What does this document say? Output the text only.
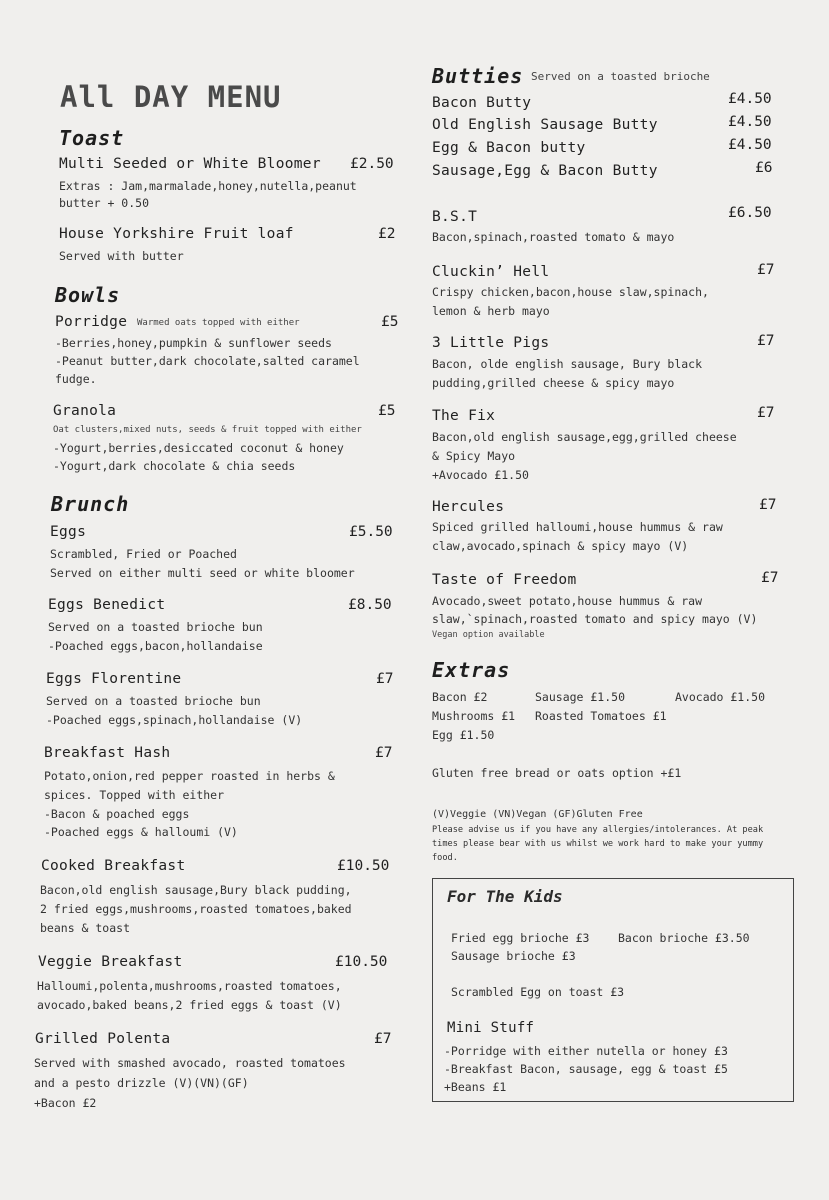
All DAY MENU
Toast
Multi Seeded or White Bloomer £2.50
Extras : Jam,marmalade,honey,nutella,peanut
butter + 0.50
House Yorkshire Fruit loaf	£2
Served with butter
Bowls
Porridge Warmed oats topped with either	£5
-Berries,honey,pumpkin & sunflower seeds
-Peanut butter,dark chocolate,salted caramel
fudge.
Granola	£5
Oat clusters,mixed nuts, seeds & fruit topped with either
-Yogurt,berries,desiccated coconut & honey
-Yogurt,dark chocolate & chia seeds
Brunch
Eggs	£5.50
Scrambled, Fried or Poached
Served on either multi seed or white bloomer
Eggs Benedict	£8.50
Served on a toasted brioche bun
-Poached eggs,bacon,hollandaise
Eggs Florentine	£7
Served on a toasted brioche bun
-Poached eggs,spinach,hollandaise (V)
Breakfast Hash	£7
Potato,onion,red pepper roasted in herbs &
spices. Topped with either
-Bacon & poached eggs
-Poached eggs & halloumi (V)
Cooked Breakfast	£10.50
Bacon,old english sausage,Bury black pudding,
2 fried eggs,mushrooms,roasted tomatoes,baked
beans & toast
Veggie Breakfast	£10.50
Halloumi,polenta,mushrooms,roasted tomatoes,
avocado,baked beans,2 fried eggs & toast (V)
Grilled Polenta	£7
Served with smashed avocado, roasted tomatoes
and a pesto drizzle (V)(VN)(GF)
+Bacon £2
Butties Served on a toasted brioche
Bacon Butty	£4.50
Old English Sausage Butty	£4.50
Egg & Bacon butty	£4.50
Sausage,Egg & Bacon Butty	£6
B.S.T	£6.50
Bacon,spinach,roasted tomato & mayo
Cluckin’ Hell	£7
Crispy chicken,bacon,house slaw,spinach,
lemon & herb mayo
3 Little Pigs	£7
Bacon, olde english sausage, Bury black
pudding,grilled cheese & spicy mayo
The Fix	£7
Bacon,old english sausage,egg,grilled cheese
& Spicy Mayo
+Avocado £1.50
Hercules	£7
Spiced grilled halloumi,house hummus & raw
claw,avocado,spinach & spicy mayo (V)
Taste of Freedom	£7
Avocado,sweet potato,house hummus & raw
slaw,`spinach,roasted tomato and spicy mayo (V)
Vegan option available
Extras
Bacon £2	Sausage £1.50	Avocado £1.50
Mushrooms £1 Roasted Tomatoes £1
Egg £1.50
Gluten free bread or oats option +£1
(V)Veggie (VN)Vegan (GF)Gluten Free
Please advise us if you have any allergies/intolerances. At peak
times please bear with us whilst we work hard to make your yummy
food.
For The Kids
Fried egg brioche £3 Bacon brioche £3.50
Sausage brioche £3
Scrambled Egg on toast £3
Mini Stuff
-Porridge with either nutella or honey £3
-Breakfast Bacon, sausage, egg & toast £5
+Beans £1
